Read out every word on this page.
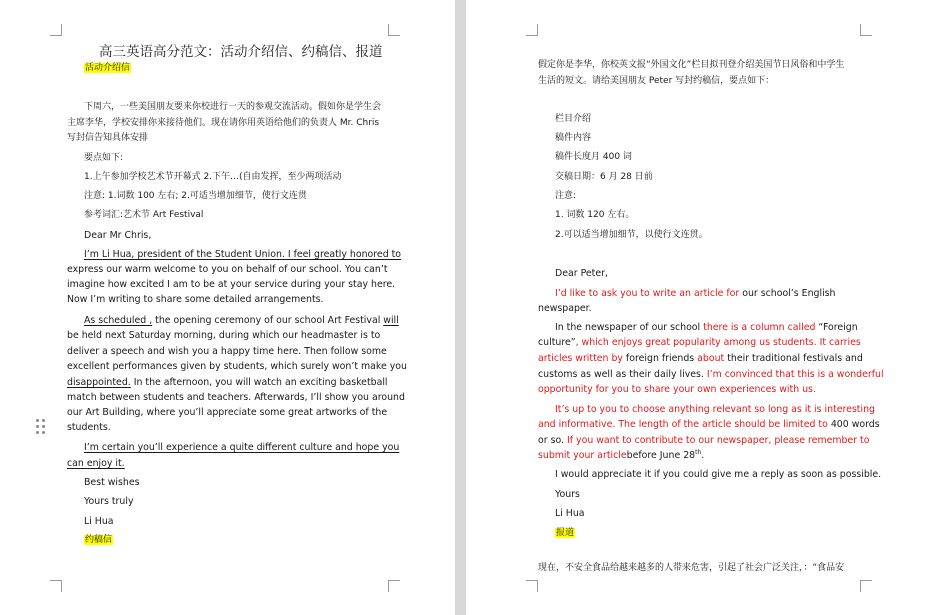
高三英语高分范文：活动介绍信、约稿信、报道
活动介绍信
下周六，一些美国朋友要来你校进行一天的参观交流活动。假如你是学生会
主席李华，学校安排你来接待他们。现在请你用英语给他们的负责人 Mr. Chris
写封信告知具体安排
要点如下:
1.上午参加学校艺术节开幕式 2.下午…(自由发挥，至少两项活动
注意: 1.词数 100 左右; 2.可适当增加细节，使行文连贯
参考词汇:艺术节 Art Festival
Dear Mr Chris,
I’m Li Hua, president of the Student Union. I feel greatly honored to
express our warm welcome to you on behalf of our school. You can’t
imagine how excited I am to be at your service during your stay here.
Now I’m writing to share some detailed arrangements.
As scheduled , the opening ceremony of our school Art Festival will
be held next Saturday morning, during which our headmaster is to
deliver a speech and wish you a happy time here. Then follow some
excellent performances given by students, which surely won’t make you
disappointed. In the afternoon, you will watch an exciting basketball
match between students and teachers. Afterwards, I’ll show you around
our Art Building, where you’ll appreciate some great artworks of the
students.
I’m certain you’ll experience a quite different culture and hope you
can enjoy it.
Best wishes
Yours truly
Li Hua
约稿信
假定你是李华，你校英文报“外国文化”栏目拟刊登介绍美国节日风俗和中学生
生活的短文。请给美国朋友 Peter 写封约稿信，要点如下：
栏目介绍
稿件内容
稿件长度月 400 词
交稿日期：6 月 28 日前
注意:
1. 词数 120 左右。
2.可以适当增加细节，以使行文连贯。
Dear Peter,
I’d like to ask you to write an article for our school’s English
newspaper.
In the newspaper of our school there is a column called “Foreign
culture”, which enjoys great popularity among us students. It carries
articles written by foreign friends about their traditional festivals and
customs as well as their daily lives. I’m convinced that this is a wonderful
opportunity for you to share your own experiences with us.
It’s up to you to choose anything relevant so long as it is interesting
and informative. The length of the article should be limited to 400 words
or so. If you want to contribute to our newspaper, please remember to
submit your articlebefore June 28th.
I would appreciate it if you could give me a reply as soon as possible.
Yours
Li Hua
报道
现在，不安全食品给越来越多的人带来危害，引起了社会广泛关注，：“食品安
